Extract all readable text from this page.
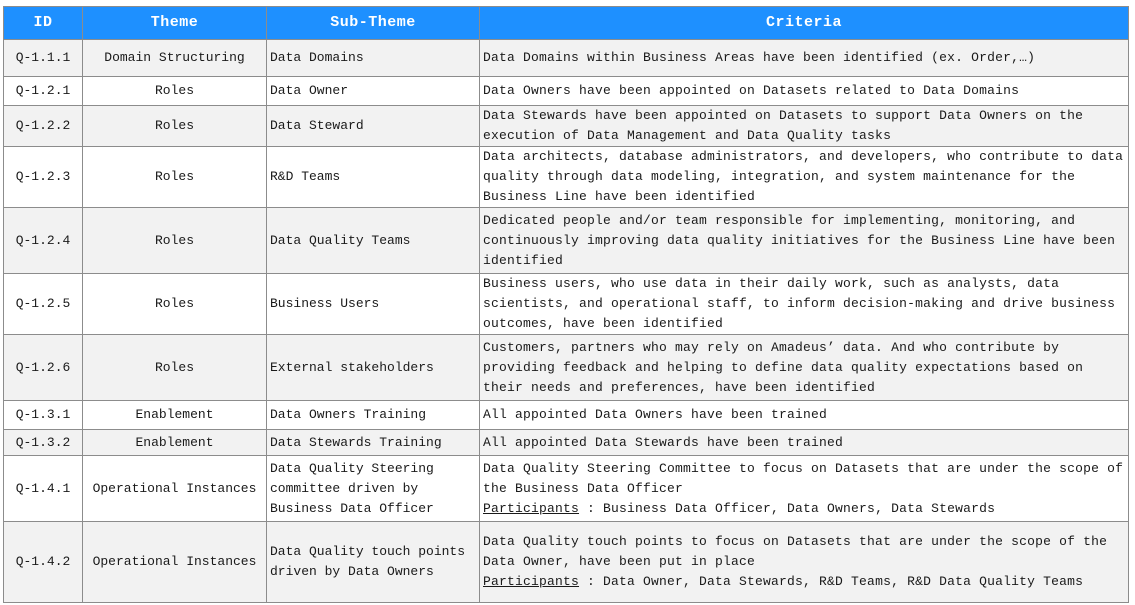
ID	Theme	Sub-Theme	Criteria
Q-1.1.1	Domain Structuring	Data Domains	Data Domains within Business Areas have been identified (ex. Order,…)
Q-1.2.1	Roles	Data Owner	Data Owners have been appointed on Datasets related to Data Domains
Q-1.2.2	Roles	Data Steward	Data Stewards have been appointed on Datasets to support Data Owners on the execution of Data Management and Data Quality tasks
Q-1.2.3	Roles	R&D Teams	Data architects, database administrators, and developers, who contribute to data quality through data modeling, integration, and system maintenance for the Business Line have been identified
Q-1.2.4	Roles	Data Quality Teams	Dedicated people and/or team responsible for implementing, monitoring, and continuously improving data quality initiatives for the Business Line have been identified
Q-1.2.5	Roles	Business Users	Business users, who use data in their daily work, such as analysts, data scientists, and operational staff, to inform decision-making and drive business outcomes, have been identified
Q-1.2.6	Roles	External stakeholders	Customers, partners who may rely on Amadeus’ data. And who contribute by providing feedback and helping to define data quality expectations based on their needs and preferences, have been identified
Q-1.3.1	Enablement	Data Owners Training	All appointed Data Owners have been trained
Q-1.3.2	Enablement	Data Stewards Training	All appointed Data Stewards have been trained
Q-1.4.1	Operational Instances	Data Quality Steering committee driven by Business Data Officer	Data Quality Steering Committee to focus on Datasets that are under the scope of the Business Data Officer
Participants : Business Data Officer, Data Owners, Data Stewards
Q-1.4.2	Operational Instances	Data Quality touch points driven by Data Owners	Data Quality touch points to focus on Datasets that are under the scope of the Data Owner, have been put in place
Participants : Data Owner, Data Stewards, R&D Teams, R&D Data Quality Teams
